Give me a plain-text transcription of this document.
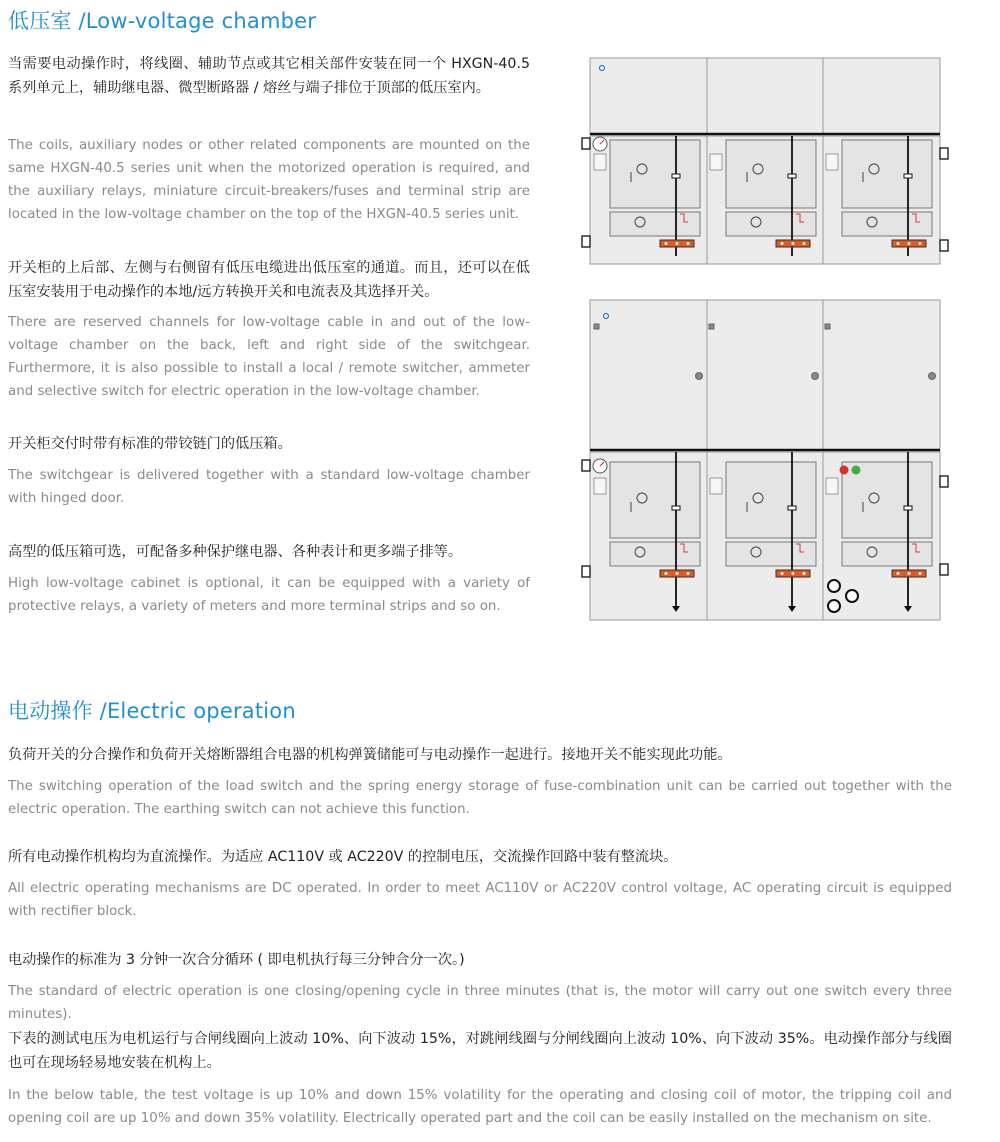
低压室 /Low-voltage chamber

当需要电动操作时，将线圈、辅助节点或其它相关部件安装在同一个 HXGN-40.5 系列单元上，辅助继电器、微型断路器 / 熔丝与端子排位于顶部的低压室内。

The coils, auxiliary nodes or other related components are mounted on the same HXGN-40.5 series unit when the motorized operation is required, and the auxiliary relays, miniature circuit-breakers/fuses and terminal strip are located in the low-voltage chamber on the top of the HXGN-40.5 series unit.

开关柜的上后部、左侧与右侧留有低压电缆进出低压室的通道。而且，还可以在低压室安装用于电动操作的本地/远方转换开关和电流表及其选择开关。

There are reserved channels for low-voltage cable in and out of the low-voltage chamber on the back, left and right side of the switchgear. Furthermore, it is also possible to install a local / remote switcher, ammeter and selective switch for electric operation in the low-voltage chamber.

开关柜交付时带有标准的带铰链门的低压箱。

The switchgear is delivered together with a standard low-voltage chamber with hinged door.

高型的低压箱可选，可配备多种保护继电器、各种表计和更多端子排等。

High low-voltage cabinet is optional, it can be equipped with a variety of protective relays, a variety of meters and more terminal strips and so on.

电动操作 /Electric operation

负荷开关的分合操作和负荷开关熔断器组合电器的机构弹簧储能可与电动操作一起进行。接地开关不能实现此功能。

The switching operation of the load switch and the spring energy storage of fuse-combination unit can be carried out together with the electric operation. The earthing switch can not achieve this function.

所有电动操作机构均为直流操作。为适应 AC110V 或 AC220V 的控制电压，交流操作回路中装有整流块。

All electric operating mechanisms are DC operated. In order to meet AC110V or AC220V control voltage, AC operating circuit is equipped with rectifier block.

电动操作的标准为 3 分钟一次合分循环 ( 即电机执行每三分钟合分一次。)

The standard of electric operation is one closing/opening cycle in three minutes (that is, the motor will carry out one switch every three minutes).

下表的测试电压为电机运行与合闸线圈向上波动 10%、向下波动 15%，对跳闸线圈与分闸线圈向上波动 10%、向下波动 35%。电动操作部分与线圈也可在现场轻易地安装在机构上。

In the below table, the test voltage is up 10% and down 15% volatility for the operating and closing coil of motor, the tripping coil and opening coil are up 10% and down 35% volatility. Electrically operated part and the coil can be easily installed on the mechanism on site.
